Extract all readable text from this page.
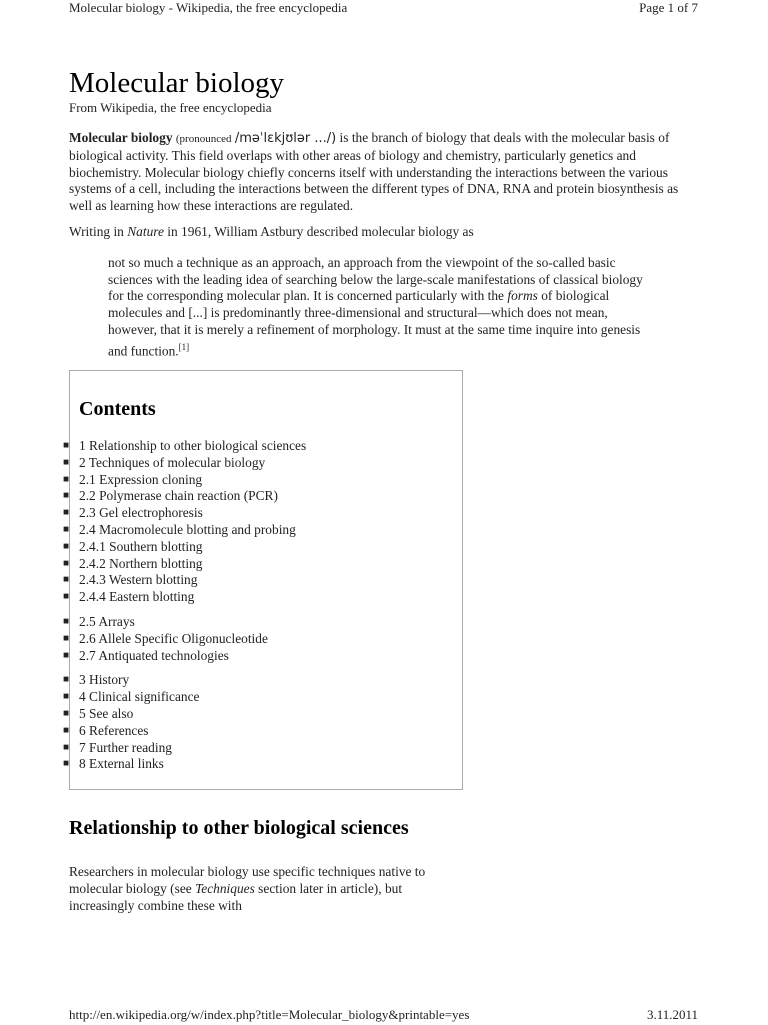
Molecular biology - Wikipedia, the free encyclopedia	Page 1 of 7
Molecular biology
From Wikipedia, the free encyclopedia

Molecular biology (pronounced /məˈlɛkjʊlər .../) is the branch of biology that deals with the molecular basis of biological activity. This field overlaps with other areas of biology and chemistry, particularly genetics and biochemistry. Molecular biology chiefly concerns itself with understanding the interactions between the various systems of a cell, including the interactions between the different types of DNA, RNA and protein biosynthesis as well as learning how these interactions are regulated.

Writing in Nature in 1961, William Astbury described molecular biology as

not so much a technique as an approach, an approach from the viewpoint of the so-called basic sciences with the leading idea of searching below the large-scale manifestations of classical biology for the corresponding molecular plan. It is concerned particularly with the forms of biological molecules and [...] is predominantly three-dimensional and structural—which does not mean, however, that it is merely a refinement of morphology. It must at the same time inquire into genesis and function.[1]
Contents
■ 1 Relationship to other biological sciences
■ 2 Techniques of molecular biology
■ 2.1 Expression cloning
■ 2.2 Polymerase chain reaction (PCR)
■ 2.3 Gel electrophoresis
■ 2.4 Macromolecule blotting and probing
■ 2.4.1 Southern blotting
■ 2.4.2 Northern blotting
■ 2.4.3 Western blotting
■ 2.4.4 Eastern blotting
■ 2.5 Arrays
■ 2.6 Allele Specific Oligonucleotide
■ 2.7 Antiquated technologies
■ 3 History
■ 4 Clinical significance
■ 5 See also
■ 6 References
■ 7 Further reading
■ 8 External links
Relationship to other biological sciences

Researchers in molecular biology use specific techniques native to molecular biology (see Techniques section later in article), but increasingly combine these with

http://en.wikipedia.org/w/index.php?title=Molecular_biology&printable=yes	3.11.2011
